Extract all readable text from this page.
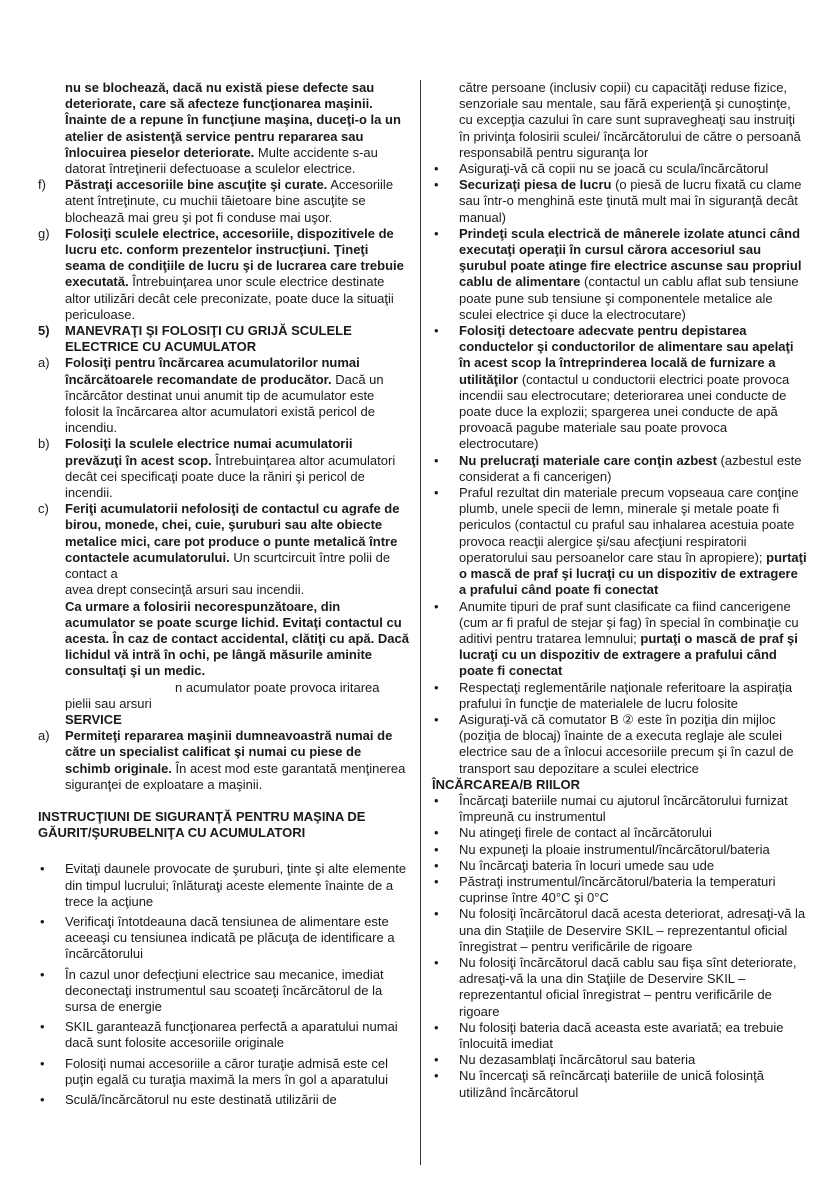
nu se blochează, dacă nu există piese defecte sau deteriorate, care să afecteze funcţionarea maşinii. Înainte de a repune în funcţiune maşina, duceţi-o la un atelier de asistenţă service pentru repararea sau înlocuirea pieselor deteriorate. Multe accidente s-au datorat întreţinerii defectuoase a sculelor electrice.

f) Păstraţi accesoriile bine ascuţite şi curate. Accesoriile atent întreţinute, cu muchii tăietoare bine ascuţite se blochează mai greu şi pot fi conduse mai uşor.
g) Folosiţi sculele electrice, accesoriile, dispozitivele de lucru etc. conform prezentelor instrucţiuni. Ţineţi seama de condiţiile de lucru şi de lucrarea care trebuie executată. Întrebuinţarea unor scule electrice destinate altor utilizări decât cele preconizate, poate duce la situaţii periculoase.
5) MANEVRAŢI ŞI FOLOSIŢI CU GRIJĂ SCULELE ELECTRICE CU ACUMULATOR
a) Folosiţi pentru încărcarea acumulatorilor numai încărcătoarele recomandate de producător. Dacă un încărcător destinat unui anumit tip de acumulator este folosit la încărcarea altor acumulatori există pericol de incendiu.
b) Folosiţi la sculele electrice numai acumulatorii prevăzuţi în acest scop. Întrebuinţarea altor acumulatori decât cei specificaţi poate duce la răniri şi pericol de incendii.
c) Feriţi acumulatorii nefolosiţi de contactul cu agrafe de birou, monede, chei, cuie, şuruburi sau alte obiecte metalice mici, care pot produce o punte metalică între contactele acumulatorului. Un scurtcircuit între polii de contact a

avea drept consecinţă arsuri sau incendii.

Ca urmare a folosirii necorespunzătoare, din acumulator se poate scurge lichid. Evitaţi contactul cu acesta. În caz de contact accidental, clătiţi cu apă. Dacă lichidul vă intră în ochi, pe lângă măsurile aminite consultaţi şi un medic.

n acumulator poate provoca iritarea

pielii sau arsuri

SERVICE

a) Permiteţi repararea maşinii dumneavoastră numai de către un specialist calificat şi numai cu piese de schimb originale. În acest mod este garantată menţinerea siguranţei de exploatare a maşinii.

INSTRUCŢIUNI DE SIGURANŢĂ PENTRU MAŞINA DE GĂURIT/ŞURUBELNIŢA CU ACUMULATORI

• Evitaţi daunele provocate de şuruburi, ţinte şi alte elemente din timpul lucrului; înlăturaţi aceste elemente înainte de a trece la acţiune
• Verificaţi întotdeauna dacă tensiunea de alimentare este aceeaşi cu tensiunea indicată pe plăcuţa de identificare a încărcătorului
• În cazul unor defecţiuni electrice sau mecanice, imediat deconectaţi instrumentul sau scoateţi încărcătorul de la sursa de energie
• SKIL garantează funcţionarea perfectă a aparatului numai dacă sunt folosite accesoriile originale
• Folosiţi numai accesoriile a căror turaţie admisă este cel puţin egală cu turaţia maximă la mers în gol a aparatului
• Sculă/încărcătorul nu este destinată utilizării de

către persoane (inclusiv copii) cu capacităţi reduse fizice, senzoriale sau mentale, sau fără experienţă şi cunoştinţe, cu excepţia cazului în care sunt supravegheaţi sau instruiţi în privinţa folosirii sculei/ încărcătorului de către o persoană responsabilă pentru siguranţa lor

• Asiguraţi-vă că copii nu se joacă cu scula/încărcătorul
• Securizaţi piesa de lucru (o piesă de lucru fixată cu clame sau într-o menghină este ţinută mult mai în siguranţă decât manual)
• Prindeţi scula electrică de mânerele izolate atunci când executaţi operaţii în cursul cărora accesoriul sau şurubul poate atinge fire electrice ascunse sau propriul cablu de alimentare (contactul un cablu aflat sub tensiune poate pune sub tensiune şi componentele metalice ale sculei electrice şi duce la electrocutare)
• Folosiţi detectoare adecvate pentru depistarea conductelor şi conductorilor de alimentare sau apelaţi în acest scop la întreprinderea locală de furnizare a utilităţilor (contactul u conductorii electrici poate provoca incendii sau electrocutare; deteriorarea unei conducte de poate duce la explozii; spargerea unei conducte de apă provoacă pagube materiale sau poate provoca electrocutare)
• Nu prelucraţi materiale care conţin azbest (azbestul este considerat a fi cancerigen)
• Praful rezultat din materiale precum vopseaua care conţine plumb, unele specii de lemn, minerale şi metale poate fi periculos (contactul cu praful sau inhalarea acestuia poate provoca reacţii alergice şi/sau afecţiuni respiratorii operatorului sau persoanelor care stau în apropiere); purtaţi o mască de praf şi lucraţi cu un dispozitiv de extragere a prafului când poate fi conectat
• Anumite tipuri de praf sunt clasificate ca fiind cancerigene (cum ar fi praful de stejar şi fag) în special în combinaţie cu aditivi pentru tratarea lemnului; purtaţi o mască de praf şi lucraţi cu un dispozitiv de extragere a prafului când poate fi conectat
• Respectaţi reglementările naţionale referitoare la aspiraţia prafului în funcţie de materialele de lucru folosite
• Asiguraţi-vă că comutator B ② este în poziţia din mijloc (poziţia de blocaj) înainte de a executa reglaje ale sculei electrice sau de a înlocui accesoriile precum şi în cazul de transport sau depozitare a sculei electrice

ÎNCĂRCAREA/B RIILOR

• Încărcaţi bateriile numai cu ajutorul încărcătorului furnizat împreună cu instrumentul
• Nu atingeţi firele de contact al încărcătorului
• Nu expuneţi la ploaie instrumentul/încărcătorul/bateria
• Nu încărcaţi bateria în locuri umede sau ude
• Păstraţi instrumentul/încărcătorul/bateria la temperaturi cuprinse între 40°C şi 0°C
• Nu folosiţi încărcătorul dacă acesta deteriorat, adresaţi-vă la una din Staţiile de Deservire SKIL – reprezentantul oficial înregistrat – pentru verificările de rigoare
• Nu folosiţi încărcătorul dacă cablu sau fişa sînt deteriorate, adresaţi-vă la una din Staţiile de Deservire SKIL – reprezentantul oficial înregistrat – pentru verificările de rigoare
• Nu folosiţi bateria dacă aceasta este avariată; ea trebuie înlocuită imediat
• Nu dezasamblaţi încărcătorul sau bateria
• Nu încercaţi să reîncărcaţi bateriile de unică folosinţă utilizând încărcătorul
